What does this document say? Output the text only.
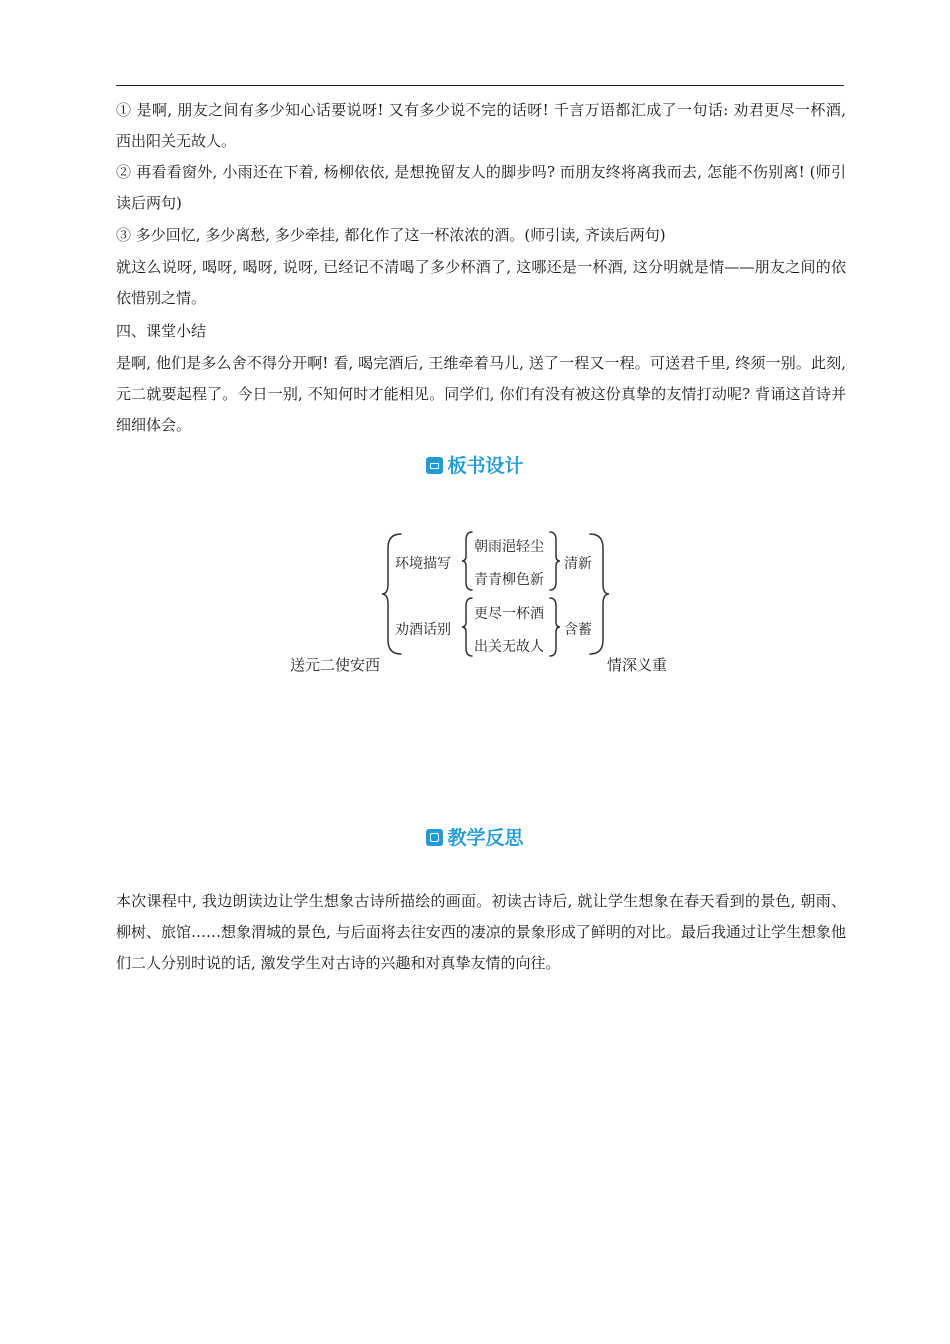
① 是啊, 朋友之间有多少知心话要说呀! 又有多少说不完的话呀! 千言万语都汇成了一句话: 劝君更尽一杯酒, 西出阳关无故人。

② 再看看窗外, 小雨还在下着, 杨柳依依, 是想挽留友人的脚步吗? 而朋友终将离我而去, 怎能不伤别离! (师引读后两句)

③ 多少回忆, 多少离愁, 多少牵挂, 都化作了这一杯浓浓的酒。(师引读, 齐读后两句)

就这么说呀, 喝呀, 喝呀, 说呀, 已经记不清喝了多少杯酒了, 这哪还是一杯酒, 这分明就是情——朋友之间的依依惜别之情。

四、课堂小结

是啊, 他们是多么舍不得分开啊! 看, 喝完酒后, 王维牵着马儿, 送了一程又一程。可送君千里, 终须一别。此刻, 元二就要起程了。今日一别, 不知何时才能相见。同学们, 你们有没有被这份真挚的友情打动呢? 背诵这首诗并细细体会。

板书设计
环境描写
朝雨浥轻尘
青青柳色新
清新
劝酒话别
更尽一杯酒
出关无故人
含蓄
送元二使安西	情深义重
教学反思

本次课程中, 我边朗读边让学生想象古诗所描绘的画面。初读古诗后, 就让学生想象在春天看到的景色, 朝雨、柳树、旅馆……想象渭城的景色, 与后面将去往安西的凄凉的景象形成了鲜明的对比。最后我通过让学生想象他们二人分别时说的话, 激发学生对古诗的兴趣和对真挚友情的向往。
